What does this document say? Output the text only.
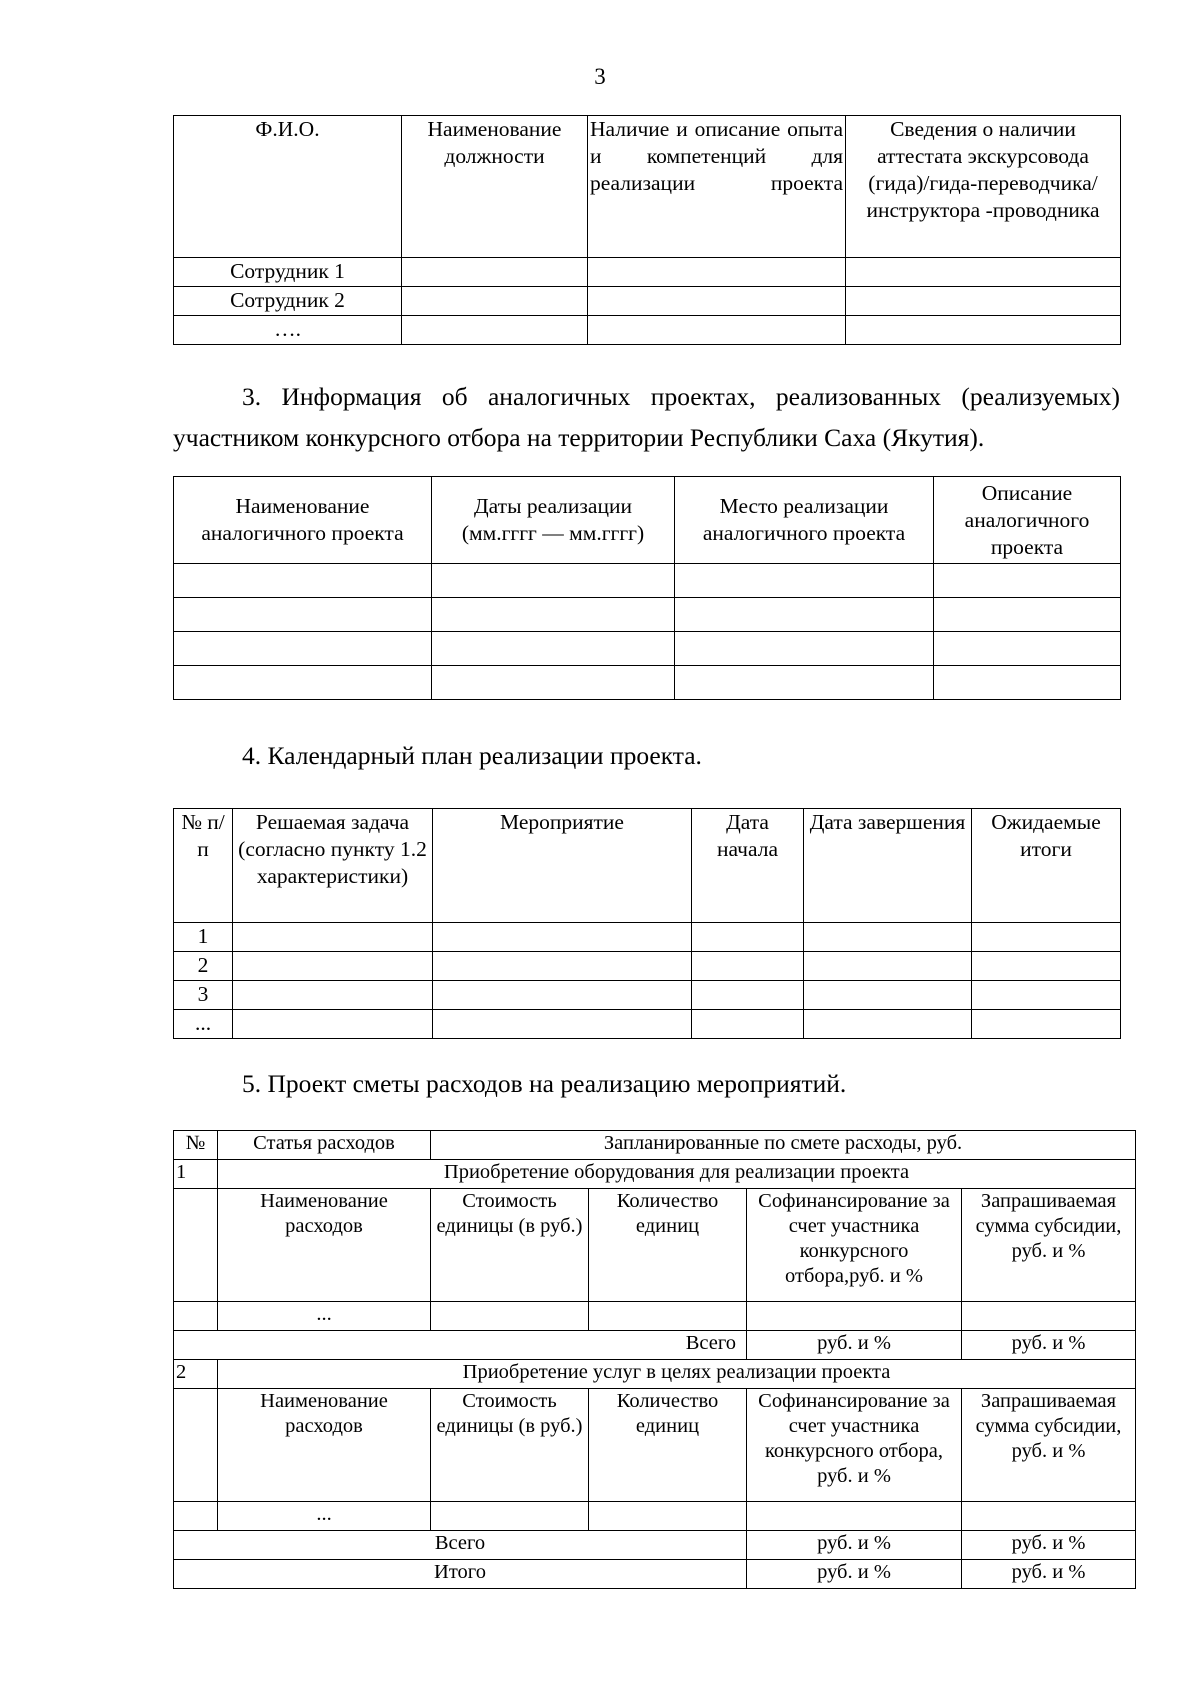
3
Ф.И.О.	Наименование должности	Наличие и описание опыта и компетенций для реализации проекта	Сведения о наличии аттестата экскурсовода (гида)/гида-переводчика/инструктора -проводника
Сотрудник 1			
Сотрудник 2			
….			
3. Информация об аналогичных проектах, реализованных (реализуемых)
участником конкурсного отбора на территории Республики Саха (Якутия).
Наименование аналогичного проекта	Даты реализации (мм.гггг — мм.гггг)	Место реализации аналогичного проекта	Описание аналогичного проекта

4. Календарный план реализации проекта.
№ п/п	Решаемая задача (согласно пункту 1.2 характеристики)	Мероприятие	Дата начала	Дата завершения	Ожидаемые итоги
1					
2					
3					
...					
5. Проект сметы расходов на реализацию мероприятий.
№	Статья расходов	Запланированные по смете расходы, руб.			
1	Приобретение оборудования для реализации проекта				
	Наименование расходов	Стоимость единицы (в руб.)	Количество единиц	Софинансирование за счет участника конкурсного отбора,руб. и %	Запрашиваемая сумма субсидии, руб. и %
	...				
Всего				руб. и %	руб. и %
2	Приобретение услуг в целях реализации проекта				
	Наименование расходов	Стоимость единицы (в руб.)	Количество единиц	Софинансирование за счет участника конкурсного отбора, руб. и %	Запрашиваемая сумма субсидии, руб. и %
	...				
Всего				руб. и %	руб. и %
Итого				руб. и %	руб. и %
